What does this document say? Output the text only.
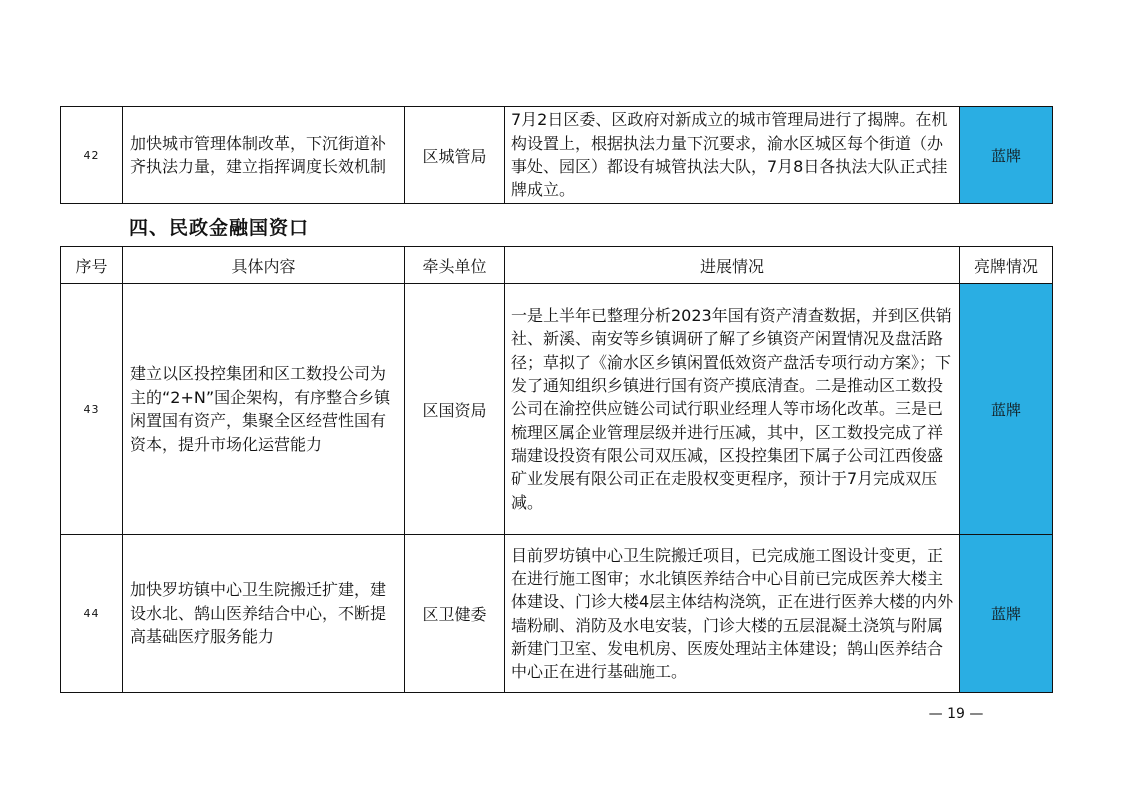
42	加快城市管理体制改革，下沉街道补齐执法力量，建立指挥调度长效机制	区城管局	7月2日区委、区政府对新成立的城市管理局进行了揭牌。在机构设置上，根据执法力量下沉要求，渝水区城区每个街道（办事处、园区）都设有城管执法大队，7月8日各执法大队正式挂牌成立。	蓝牌
四、民政金融国资口
序号	具体内容	牵头单位	进展情况	亮牌情况
43	建立以区投控集团和区工数投公司为主的“2+N”国企架构，有序整合乡镇闲置国有资产，集聚全区经营性国有资本，提升市场化运营能力	区国资局	一是上半年已整理分析2023年国有资产清查数据，并到区供销社、新溪、南安等乡镇调研了解了乡镇资产闲置情况及盘活路径；草拟了《渝水区乡镇闲置低效资产盘活专项行动方案》；下发了通知组织乡镇进行国有资产摸底清查。二是推动区工数投公司在渝控供应链公司试行职业经理人等市场化改革。三是已梳理区属企业管理层级并进行压减，其中，区工数投完成了祥瑞建设投资有限公司双压减，区投控集团下属子公司江西俊盛矿业发展有限公司正在走股权变更程序，预计于7月完成双压减。	蓝牌
44	加快罗坊镇中心卫生院搬迁扩建，建设水北、鹄山医养结合中心，不断提高基础医疗服务能力	区卫健委	目前罗坊镇中心卫生院搬迁项目，已完成施工图设计变更，正在进行施工图审；水北镇医养结合中心目前已完成医养大楼主体建设、门诊大楼4层主体结构浇筑，正在进行医养大楼的内外墙粉刷、消防及水电安装，门诊大楼的五层混凝土浇筑与附属新建门卫室、发电机房、医废处理站主体建设；鹄山医养结合中心正在进行基础施工。	蓝牌
— 19 —
